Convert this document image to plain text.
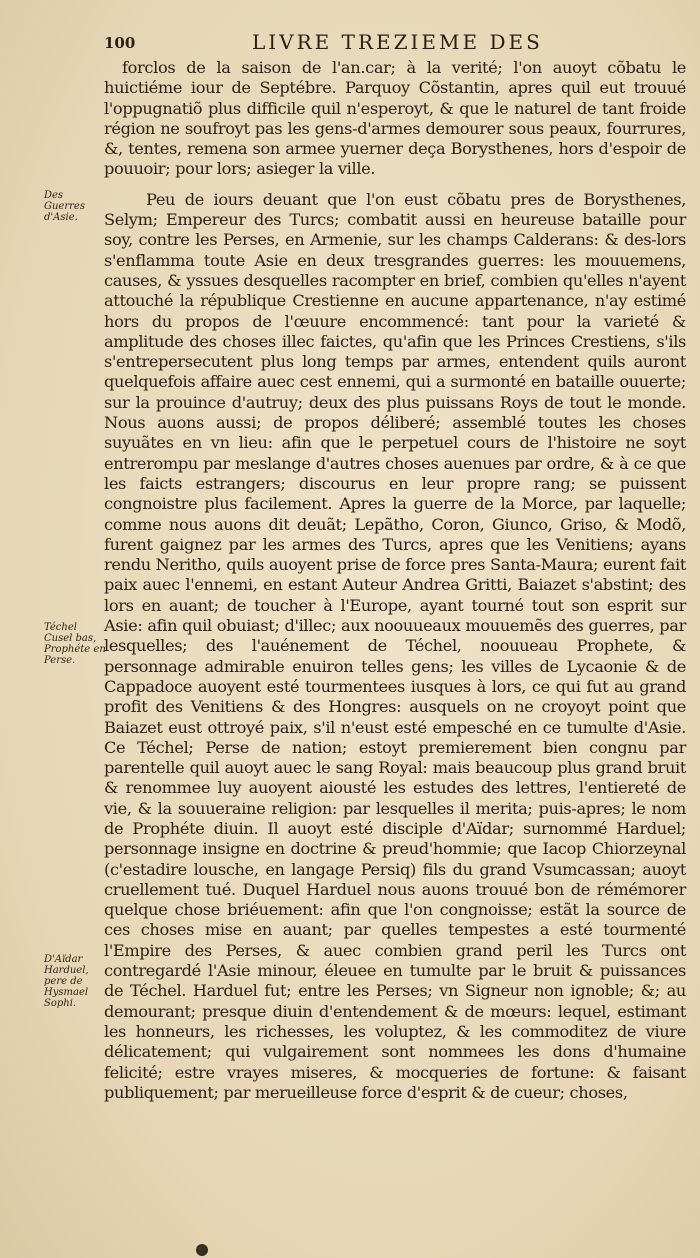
100	LIVRE TREZIEME DES

forclos de la saison de l'an.car; à la verité; l'on auoyt cõbatu le huictiéme iour de Septébre. Parquoy Cõstantin, apres quil eut trouué l'oppugnatiõ plus difficile quil n'esperoyt, & que le naturel de tant froide région ne soufroyt pas les gens-d'armes demourer sous peaux, fourrures, &, tentes, remena son armee yuerner deça Borysthenes, hors d'espoir de pouuoir; pour lors; asieger la ville.

Peu de iours deuant que l'on eust cõbatu pres de Borysthenes, Selym; Empereur des Turcs; combatit aussi en heureuse bataille pour soy, contre les Perses, en Armenie, sur les champs Calderans: & des-lors s'enflamma toute Asie en deux tresgrandes guerres: les mouuemens, causes, & yssues desquelles racompter en brief, combien qu'elles n'ayent attouché la république Crestienne en aucune appartenance, n'ay estimé hors du propos de l'œuure encommencé: tant pour la varieté & amplitude des choses illec faictes, qu'afin que les Princes Crestiens, s'ils s'entrepersecutent plus long temps par armes, entendent quils auront quelquefois affaire auec cest ennemi, qui a surmonté en bataille ouuerte; sur la prouince d'autruy; deux des plus puissans Roys de tout le monde. Nous auons aussi; de propos déliberé; assemblé toutes les choses suyuãtes en vn lieu: afin que le perpetuel cours de l'histoire ne soyt entrerompu par meslange d'autres choses auenues par ordre, & à ce que les faicts estrangers; discourus en leur propre rang; se puissent congnoistre plus facilement. Apres la guerre de la Morce, par laquelle; comme nous auons dit deuãt; Lepãtho, Coron, Giunco, Griso, & Modõ, furent gaignez par les armes des Turcs, apres que les Venitiens; ayans rendu Neritho, quils auoyent prise de force pres Santa-Maura; eurent fait paix auec l'ennemi, en estant Auteur Andrea Gritti, Baiazet s'abstint; des lors en auant; de toucher à l'Europe, ayant tourné tout son esprit sur Asie: afin quil obuiast; d'illec; aux noouueaux mouuemẽs des guerres, par lesquelles; des l'auénement de Téchel, noouueau Prophete, & personnage admirable enuiron telles gens; les villes de Lycaonie & de Cappadoce auoyent esté tourmentees iusques à lors, ce qui fut au grand profit des Venitiens & des Hongres: ausquels on ne croyoyt point que Baiazet eust ottroyé paix, s'il n'eust esté empesché en ce tumulte d'Asie. Ce Téchel; Perse de nation; estoyt premierement bien congnu par parentelle quil auoyt auec le sang Royal: mais beaucoup plus grand bruit & renommee luy auoyent aiousté les estudes des lettres, l'entiereté de vie, & la souueraine religion: par lesquelles il merita; puis-apres; le nom de Prophéte diuin. Il auoyt esté disciple d'Aïdar; surnommé Harduel; personnage insigne en doctrine & preud'hommie; que Iacop Chiorzeynal (c'estadire lousche, en langage Persiq) fils du grand Vsumcassan; auoyt cruellement tué. Duquel Harduel nous auons trouué bon de rémémorer quelque chose briéuement: afin que l'on congnoisse; estãt la source de ces choses mise en auant; par quelles tempestes a esté tourmenté l'Empire des Perses, & auec combien grand peril les Turcs ont contregardé l'Asie minour, éleuee en tumulte par le bruit & puissances de Téchel. Harduel fut; entre les Perses; vn Signeur non ignoble; &; au demourant; presque diuin d'entendement & de mœurs: lequel, estimant les honneurs, les richesses, les voluptez, & les commoditez de viure délicatement; qui vulgairement sont nommees les dons d'humaine felicité; estre vrayes miseres, & mocqueries de fortune: & faisant publiquement; par merueilleuse force d'esprit & de cueur; choses,

Des Guerres d'Asie.
Téchel Cusel bas, Prophéte en Perse.
D'Aïdar Harduel, pere de Hysmael Sophi.
